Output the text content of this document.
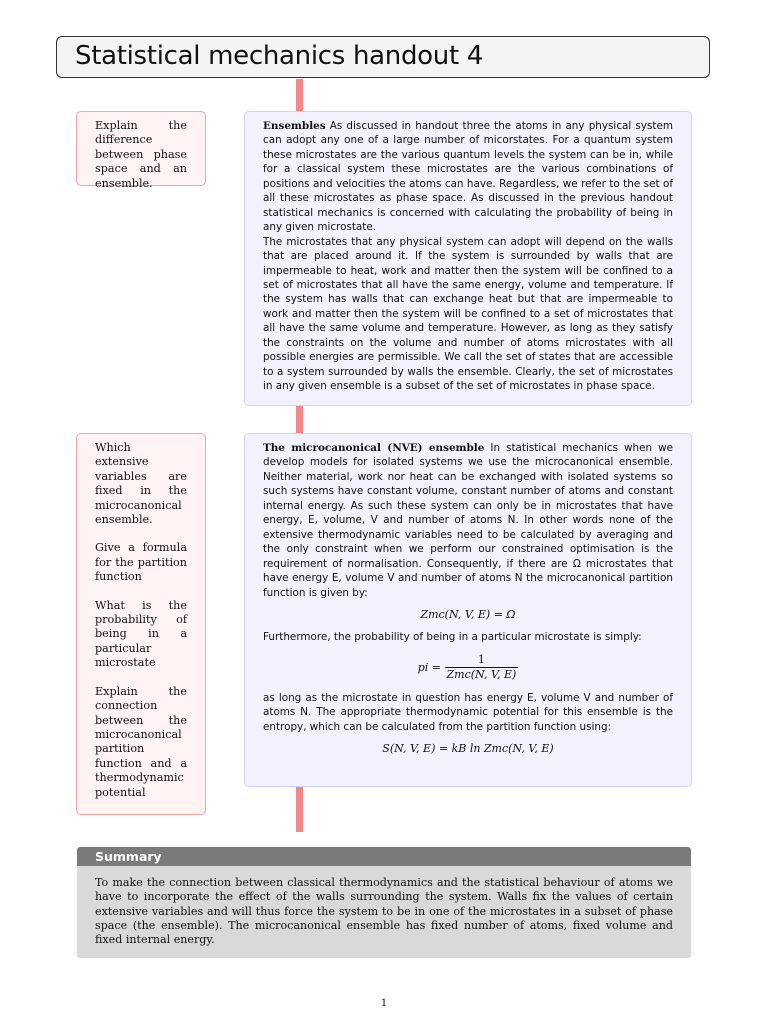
Statistical mechanics handout 4

Explain the difference between phase space and an ensemble.

Ensembles As discussed in handout three the atoms in any physical system can adopt any one of a large number of micorstates. For a quantum system these microstates are the various quantum levels the system can be in, while for a classical system these microstates are the various combinations of positions and velocities the atoms can have. Regardless, we refer to the set of all these microstates as phase space. As discussed in the previous handout statistical mechanics is concerned with calculating the probability of being in any given microstate.

The microstates that any physical system can adopt will depend on the walls that are placed around it. If the system is surrounded by walls that are impermeable to heat, work and matter then the system will be confined to a set of microstates that all have the same energy, volume and temperature. If the system has walls that can exchange heat but that are impermeable to work and matter then the system will be confined to a set of microstates that all have the same volume and temperature. However, as long as they satisfy the constraints on the volume and number of atoms microstates with all possible energies are permissible. We call the set of states that are accessible to a system surrounded by walls the ensemble. Clearly, the set of microstates in any given ensemble is a subset of the set of microstates in phase space.

Which extensive variables are fixed in the microcanonical ensemble.

Give a formula for the partition function

What is the probability of being in a particular microstate

Explain the connection between the microcanonical partition function and a thermodynamic potential

The microcanonical (NVE) ensemble In statistical mechanics when we develop models for isolated systems we use the microcanonical ensemble. Neither material, work nor heat can be exchanged with isolated systems so such systems have constant volume, constant number of atoms and constant internal energy. As such these system can only be in microstates that have energy, E, volume, V and number of atoms N. In other words none of the extensive thermodynamic variables need to be calculated by averaging and the only constraint when we perform our constrained optimisation is the requirement of normalisation. Consequently, if there are Ω microstates that have energy E, volume V and number of atoms N the microcanonical partition function is given by:

Zmc(N, V, E) = Ω

Furthermore, the probability of being in a particular microstate is simply:

pi = $\frac{1}{\text{Zmc(N, V, E)}}$

as long as the microstate in question has energy E, volume V and number of atoms N. The appropriate thermodynamic potential for this ensemble is the entropy, which can be calculated from the partition function using:

S(N, V, E) = kB ln Zmc(N, V, E)
Summary
To make the connection between classical thermodynamics and the statistical behaviour of atoms we have to incorporate the effect of the walls surrounding the system. Walls fix the values of certain extensive variables and will thus force the system to be in one of the microstates in a subset of phase space (the ensemble). The microcanonical ensemble has fixed number of atoms, fixed volume and fixed internal energy.
1
